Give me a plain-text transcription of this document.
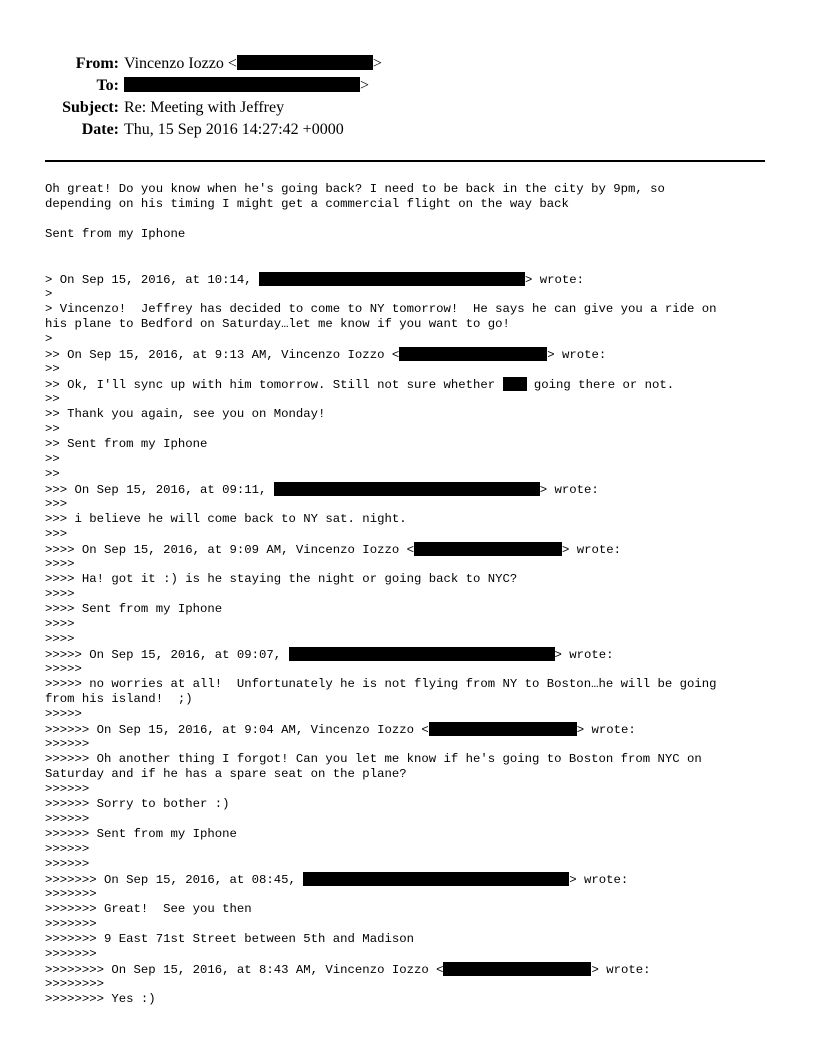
From: Vincenzo Iozzo <	>
To:	>
Subject: Re: Meeting with Jeffrey
Date: Thu, 15 Sep 2016 14:27:42 +0000
Oh great! Do you know when he's going back? I need to be back in the city by 9pm, so
depending on his timing I might get a commercial flight on the way back
Sent from my Iphone
> On Sep 15, 2016, at 10:14,	> wrote:
>
> Vincenzo!  Jeffrey has decided to come to NY tomorrow!  He says he can give you a ride on
his plane to Bedford on Saturday…let me know if you want to go!
>
>> On Sep 15, 2016, at 9:13 AM, Vincenzo Iozzo <	> wrote:
>>
>> Ok, I'll sync up with him tomorrow. Still not sure whether  going there or not.
>>
>> Thank you again, see you on Monday!
>>
>> Sent from my Iphone
>>
>>
>>> On Sep 15, 2016, at 09:11,	> wrote:
>>>
>>> i believe he will come back to NY sat. night.
>>>
>>>> On Sep 15, 2016, at 9:09 AM, Vincenzo Iozzo <	> wrote:
>>>>
>>>> Ha! got it :) is he staying the night or going back to NYC?
>>>>
>>>> Sent from my Iphone
>>>>
>>>>
>>>>> On Sep 15, 2016, at 09:07,	> wrote:
>>>>>
>>>>> no worries at all!  Unfortunately he is not flying from NY to Boston…he will be going
from his island!  ;)
>>>>>
>>>>>> On Sep 15, 2016, at 9:04 AM, Vincenzo Iozzo <	> wrote:
>>>>>>
>>>>>> Oh another thing I forgot! Can you let me know if he's going to Boston from NYC on
Saturday and if he has a spare seat on the plane?
>>>>>>
>>>>>> Sorry to bother :)
>>>>>>
>>>>>> Sent from my Iphone
>>>>>>
>>>>>>
>>>>>>> On Sep 15, 2016, at 08:45,	> wrote:
>>>>>>>
>>>>>>> Great!  See you then
>>>>>>>
>>>>>>> 9 East 71st Street between 5th and Madison
>>>>>>>
>>>>>>>> On Sep 15, 2016, at 8:43 AM, Vincenzo Iozzo <	> wrote:
>>>>>>>>
>>>>>>>> Yes :)
